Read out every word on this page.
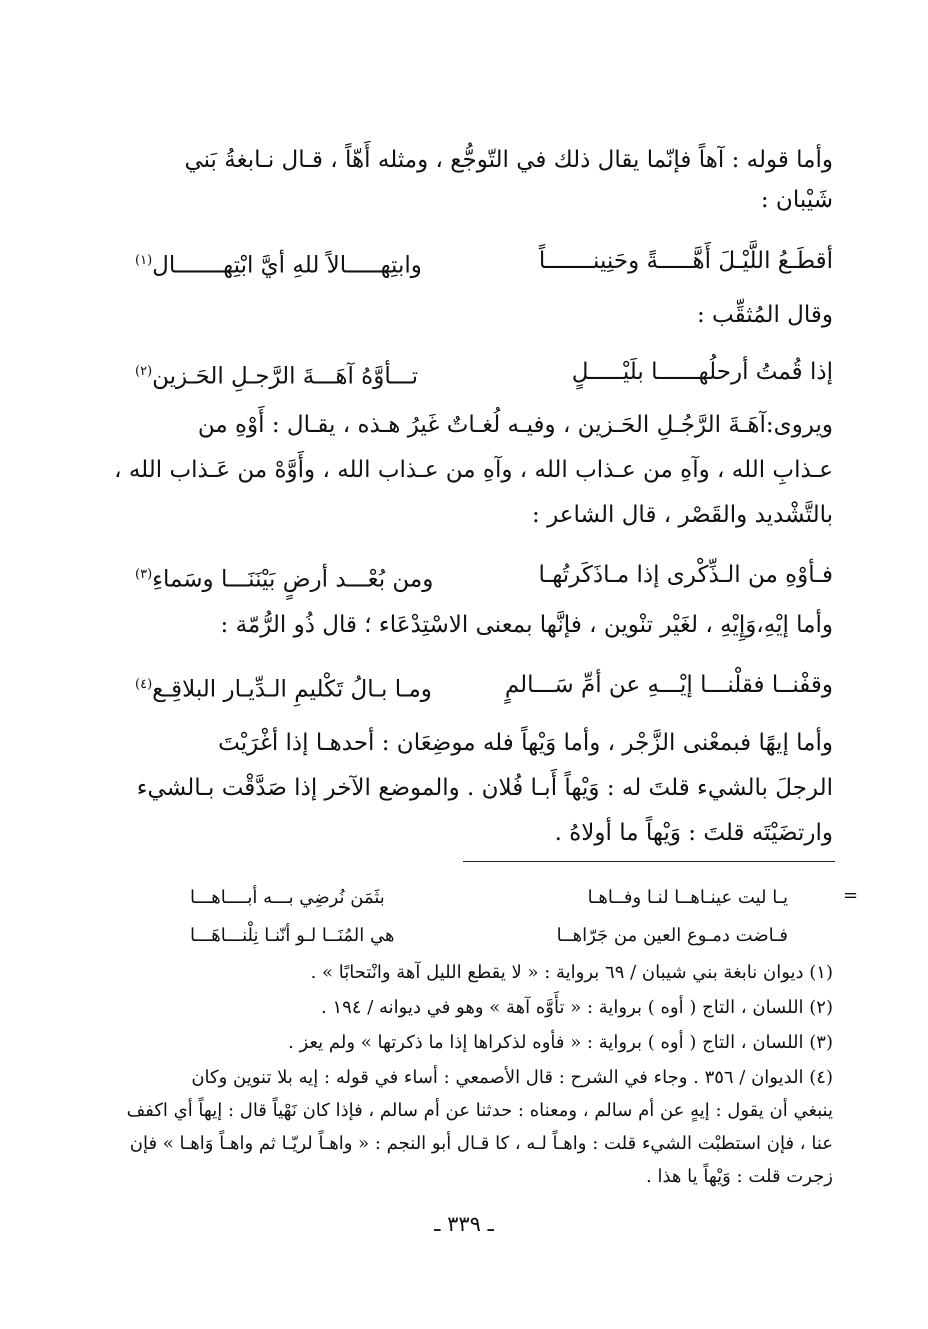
وأما قوله : آهاً فإنّما يقال ذلك في التّوجُّع ، ومثله أَهّاً ، قـال نـابغةُ بَني
شَيْبان :
أقطَـعُ اللَّيْـلَ أَهَّـــــةً وحَنِينـــــــاً
وابتِهـــــالاً للهِ أيَّ ابْتِهـــــــال$^{(١)}$
وقال المُثقِّب :
إذا قُمتُ أرحلُهــــــا بلَيْـــــلٍ
تـــأوَّهُ آهَـــةَ الرَّجـلِ الحَـزين$^{(٢)}$
ويروى:آهَـةَ الرَّجُـلِ الحَـزين ، وفيـه لُغـاتٌ غَيرُ هـذه ، يقـال : أَوْهِ من
عـذابِ الله ، وآهِ من عـذاب الله ، وآهِ من عـذاب الله ، وأَوَّهْ من عَـذاب الله ،
بالتَّشْديد والقَصْر ، قال الشاعر :
فـأوْهِ من الـذِّكْرى إذا مـاذَكَرتُهـا
ومن بُعْـــد أرضٍ بَيْنَنَـــا وسَماءِ$^{(٣)}$
وأما إيْهِ،وَإِيْهِ ، لغَيْر تنْوين ، فإنَّها بمعنى الاسْتِدْعَاء ؛ قال ذُو الرُّمّة :
وقفْنــا فقلْنـــا إيْـــهِ عن أمِّ سَـــالمٍ
ومـا بـالُ تَكْليمِ الـدِّيـار البلاقِـع$^{(٤)}$
وأما إيهًا فبمعْنى الزَّجْر ، وأما وَيْهاً فله موضِعَان : أحدهـا إذا أغْرَيْتَ
الرجلَ بالشيء قلتَ له : وَيْهاً أَبـا فُلان . والموضع الآخر إذا صَدَّقْت بـالشيء
وارتضَيْتَه قلتَ : وَيْهاً ما أولاهُ .
=
يـا ليت عينـاهــا لنـا وفــاهـا
بثَمَن نُرضِي بـــه أبــــاهـــا
فـاضت دمـوع العين من جَرّاهــا
هي المُنَــا لـو أنّنـا نِلْنـــاهَـــا
(١) ديوان نابغة بني شيبان / ٦٩ برواية : « لا يقطع الليل آهة وانْتحابًا » .
(٢) اللسان ، التاج ( أوه ) برواية : « تأَوَّه آهة » وهو في ديوانه / ١٩٤ .
(٣) اللسان ، التاج ( أوه ) برواية : « فأوه لذكراها إذا ما ذكرتها » ولم يعز .
(٤) الديوان / ٣٥٦ . وجاء في الشرح : قال الأصمعي : أساء في قوله : إيه بلا تنوين وكان
ينبغي أن يقول : إيهٍ عن أم سالم ، ومعناه : حدثنا عن أم سالم ، فإذا كان نَهْياً قال : إيهاً أي اكفف
عنا ، فإن استطبْت الشيء قلت : واهـاً لـه ، كا قـال أبو النجم : « واهـاً لريّـا ثم واهـاً وَاهـا » فإن
زجرت قلت : وَيْهاً يا هذا .
ـ ٣٣٩ ـ
